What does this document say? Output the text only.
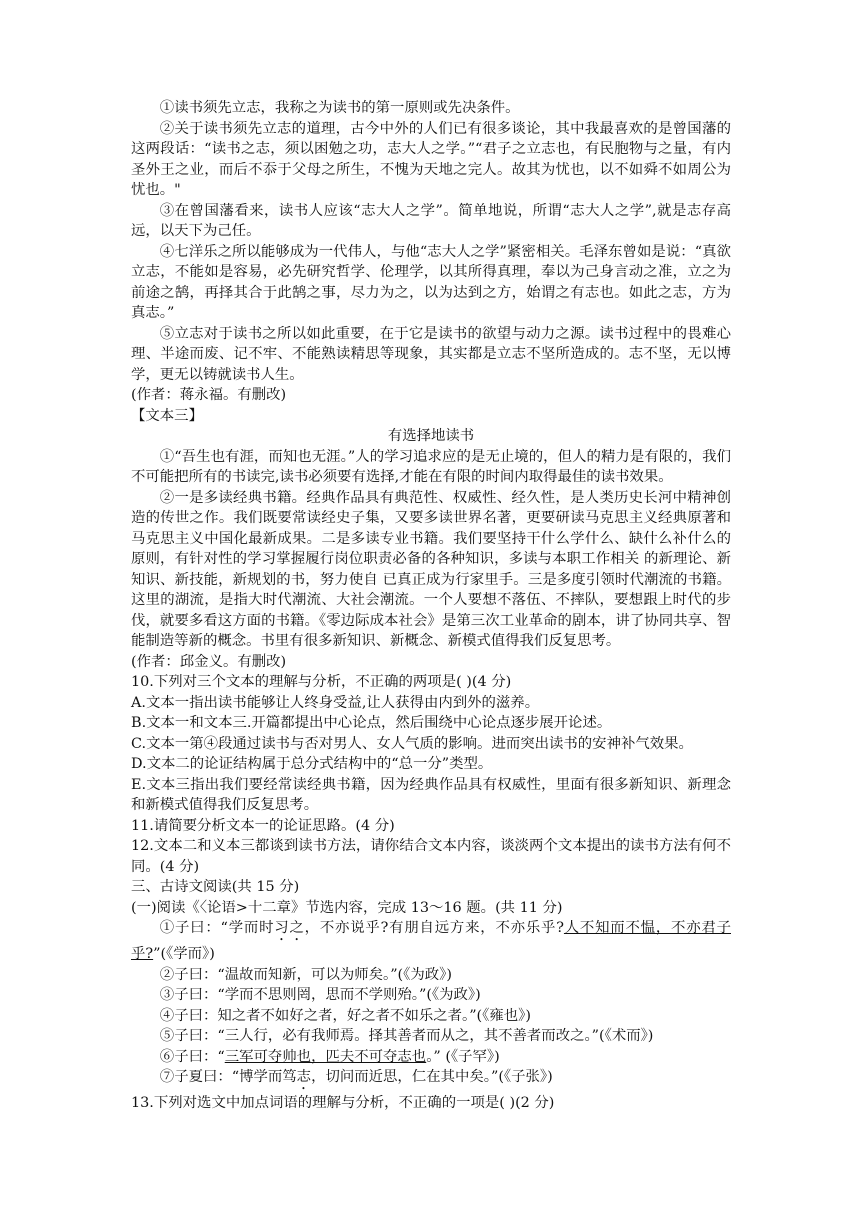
①读书须先立志，我称之为读书的第一原则或先决条件。

②关于读书须先立志的道理，古今中外的人们已有很多谈论，其中我最喜欢的是曾国藩的这两段话：“读书之志，须以困勉之功，志大人之学。”“君子之立志也，有民胞物与之量，有内圣外王之业，而后不忝于父母之所生，不愧为天地之完人。故其为忧也，以不如舜不如周公为忧也。"

③在曾国藩看来，读书人应该“志大人之学”。简单地说，所谓“志大人之学”,就是志存高远，以天下为己任。

④七洋乐之所以能够成为一代伟人，与他“志大人之学”紧密相关。毛泽东曾如是说：“真欲立志，不能如是容易，必先研究哲学、伦理学，以其所得真理，奉以为己身言动之准，立之为前途之鹄，再择其合于此鹄之事，尽力为之，以为达到之方，始谓之有志也。如此之志，方为真志。”

⑤立志对于读书之所以如此重要，在于它是读书的欲望与动力之源。读书过程中的畏难心理、半途而废、记不牢、不能熟读精思等现象，其实都是立志不坚所造成的。志不坚，无以博学，更无以铸就读书人生。

(作者：蒋永福。有删改)

【文本三】

有选择地读书

①“吾生也有涯，而知也无涯。”人的学习追求应的是无止境的，但人的精力是有限的，我们不可能把所有的书读完,读书必须要有选择,才能在有限的时间内取得最佳的读书效果。

②一是多读经典书籍。经典作品具有典范性、权威性、经久性，是人类历史长河中精神创造的传世之作。我们既要常读经史子集，又要多读世界名著，更要研读马克思主义经典原著和马克思主义中国化最新成果。二是多读专业书籍。我们要坚持干什么学什么、缺什么补什么的原则，有针对性的学习掌握履行岗位职责必备的各种知识，多读与本职工作相关 的新理论、新知识、新技能，新规划的书，努力使自 已真正成为行家里手。三是多度引领时代潮流的书籍。这里的湖流，是指大时代潮流、大社会潮流。一个人要想不落伍、不摔队，要想跟上时代的步伐，就要多看这方面的书籍。《零边际成本社会》是第三次工业革命的剧本，讲了协同共享、智能制造等新的概念。书里有很多新知识、新概念、新模式值得我们反复思考。

(作者：邱金义。有删改)

10.下列对三个文本的理解与分析，不正确的两项是( )(4 分)

A.文本一指出读书能够让人终身受益,让人获得由内到外的滋养。

B.文本一和文本三.开篇都提出中心论点，然后围绕中心论点逐步展开论述。

C.文本一第④段通过读书与否对男人、女人气质的影响。进而突出读书的安神补气效果。

D.文本二的论证结构属于总分式结构中的“总一分”类型。

E.文本三指出我们要经常读经典书籍，因为经典作品具有权威性，里面有很多新知识、新理念和新模式值得我们反复思考。

11.请简要分析文本一的论证思路。(4 分)

12.文本二和义本三都谈到读书方法，请你结合文本内容，谈淡两个文本提出的读书方法有何不同。(4 分)

三、古诗文阅读(共 15 分)

(一)阅读《〈论语>十二章》节选内容，完成 13～16 题。(共 11 分)

①子曰：“学而时习之，不亦说乎?有朋自远方来，不亦乐乎?人不知而不愠，不亦君子乎?”(《学而》)

②子曰：“温故而知新，可以为师矣。”(《为政》)

③子曰：“学而不思则罔，思而不学则殆。”(《为政》)

④子曰：知之者不如好之者，好之者不如乐之者。”(《雍也》)

⑤子曰：“三人行，必有我师焉。择其善者而从之，其不善者而改之。”(《术而》)

⑥子曰：“三军可夺帅也，匹夫不可夺志也。” (《子罕》)

⑦子夏曰：“博学而笃志，切问而近思，仁在其中矣。”(《子张》)

13.下列对选文中加点词语的理解与分析，不正确的一项是( )(2 分)
